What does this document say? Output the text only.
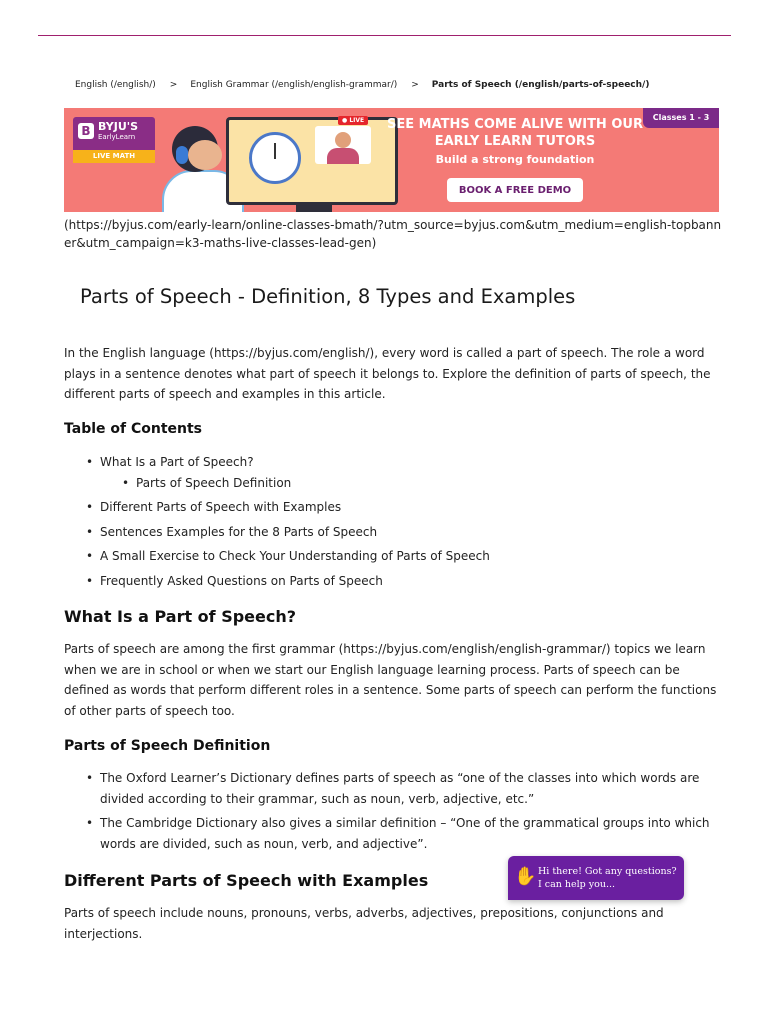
English (/english/) > English Grammar (/english/english-grammar/) > Parts of Speech (/english/parts-of-speech/)
B BYJU'S
EarlyLearn
LIVE MATH
● LIVE	SEE MATHS COME ALIVE WITH OUR EARLY LEARN TUTORS
Build a strong foundation
BOOK A FREE DEMO
Classes 1 - 3
(https://byjus.com/early-learn/online-classes-bmath/?utm_source=byjus.com&utm_medium=english-topbanner&utm_campaign=k3-maths-live-classes-lead-gen)
Parts of Speech - Definition, 8 Types and Examples

In the English language (https://byjus.com/english/), every word is called a part of speech. The role a word plays in a sentence denotes what part of speech it belongs to. Explore the definition of parts of speech, the different parts of speech and examples in this article.

Table of Contents
• What Is a Part of Speech?
• Parts of Speech Definition
• Different Parts of Speech with Examples
• Sentences Examples for the 8 Parts of Speech
• A Small Exercise to Check Your Understanding of Parts of Speech
• Frequently Asked Questions on Parts of Speech
What Is a Part of Speech?

Parts of speech are among the first grammar (https://byjus.com/english/english-grammar/) topics we learn when we are in school or when we start our English language learning process. Parts of speech can be defined as words that perform different roles in a sentence. Some parts of speech can perform the functions of other parts of speech too.

Parts of Speech Definition
• The Oxford Learner’s Dictionary defines parts of speech as “one of the classes into which words are divided according to their grammar, such as noun, verb, adjective, etc.”
• The Cambridge Dictionary also gives a similar definition – “One of the grammatical groups into which words are divided, such as noun, verb, and adjective”.
Different Parts of Speech with Examples

Parts of speech include nouns, pronouns, verbs, adverbs, adjectives, prepositions, conjunctions and interjections.

✋ Hi there! Got any questions? I can help you...
